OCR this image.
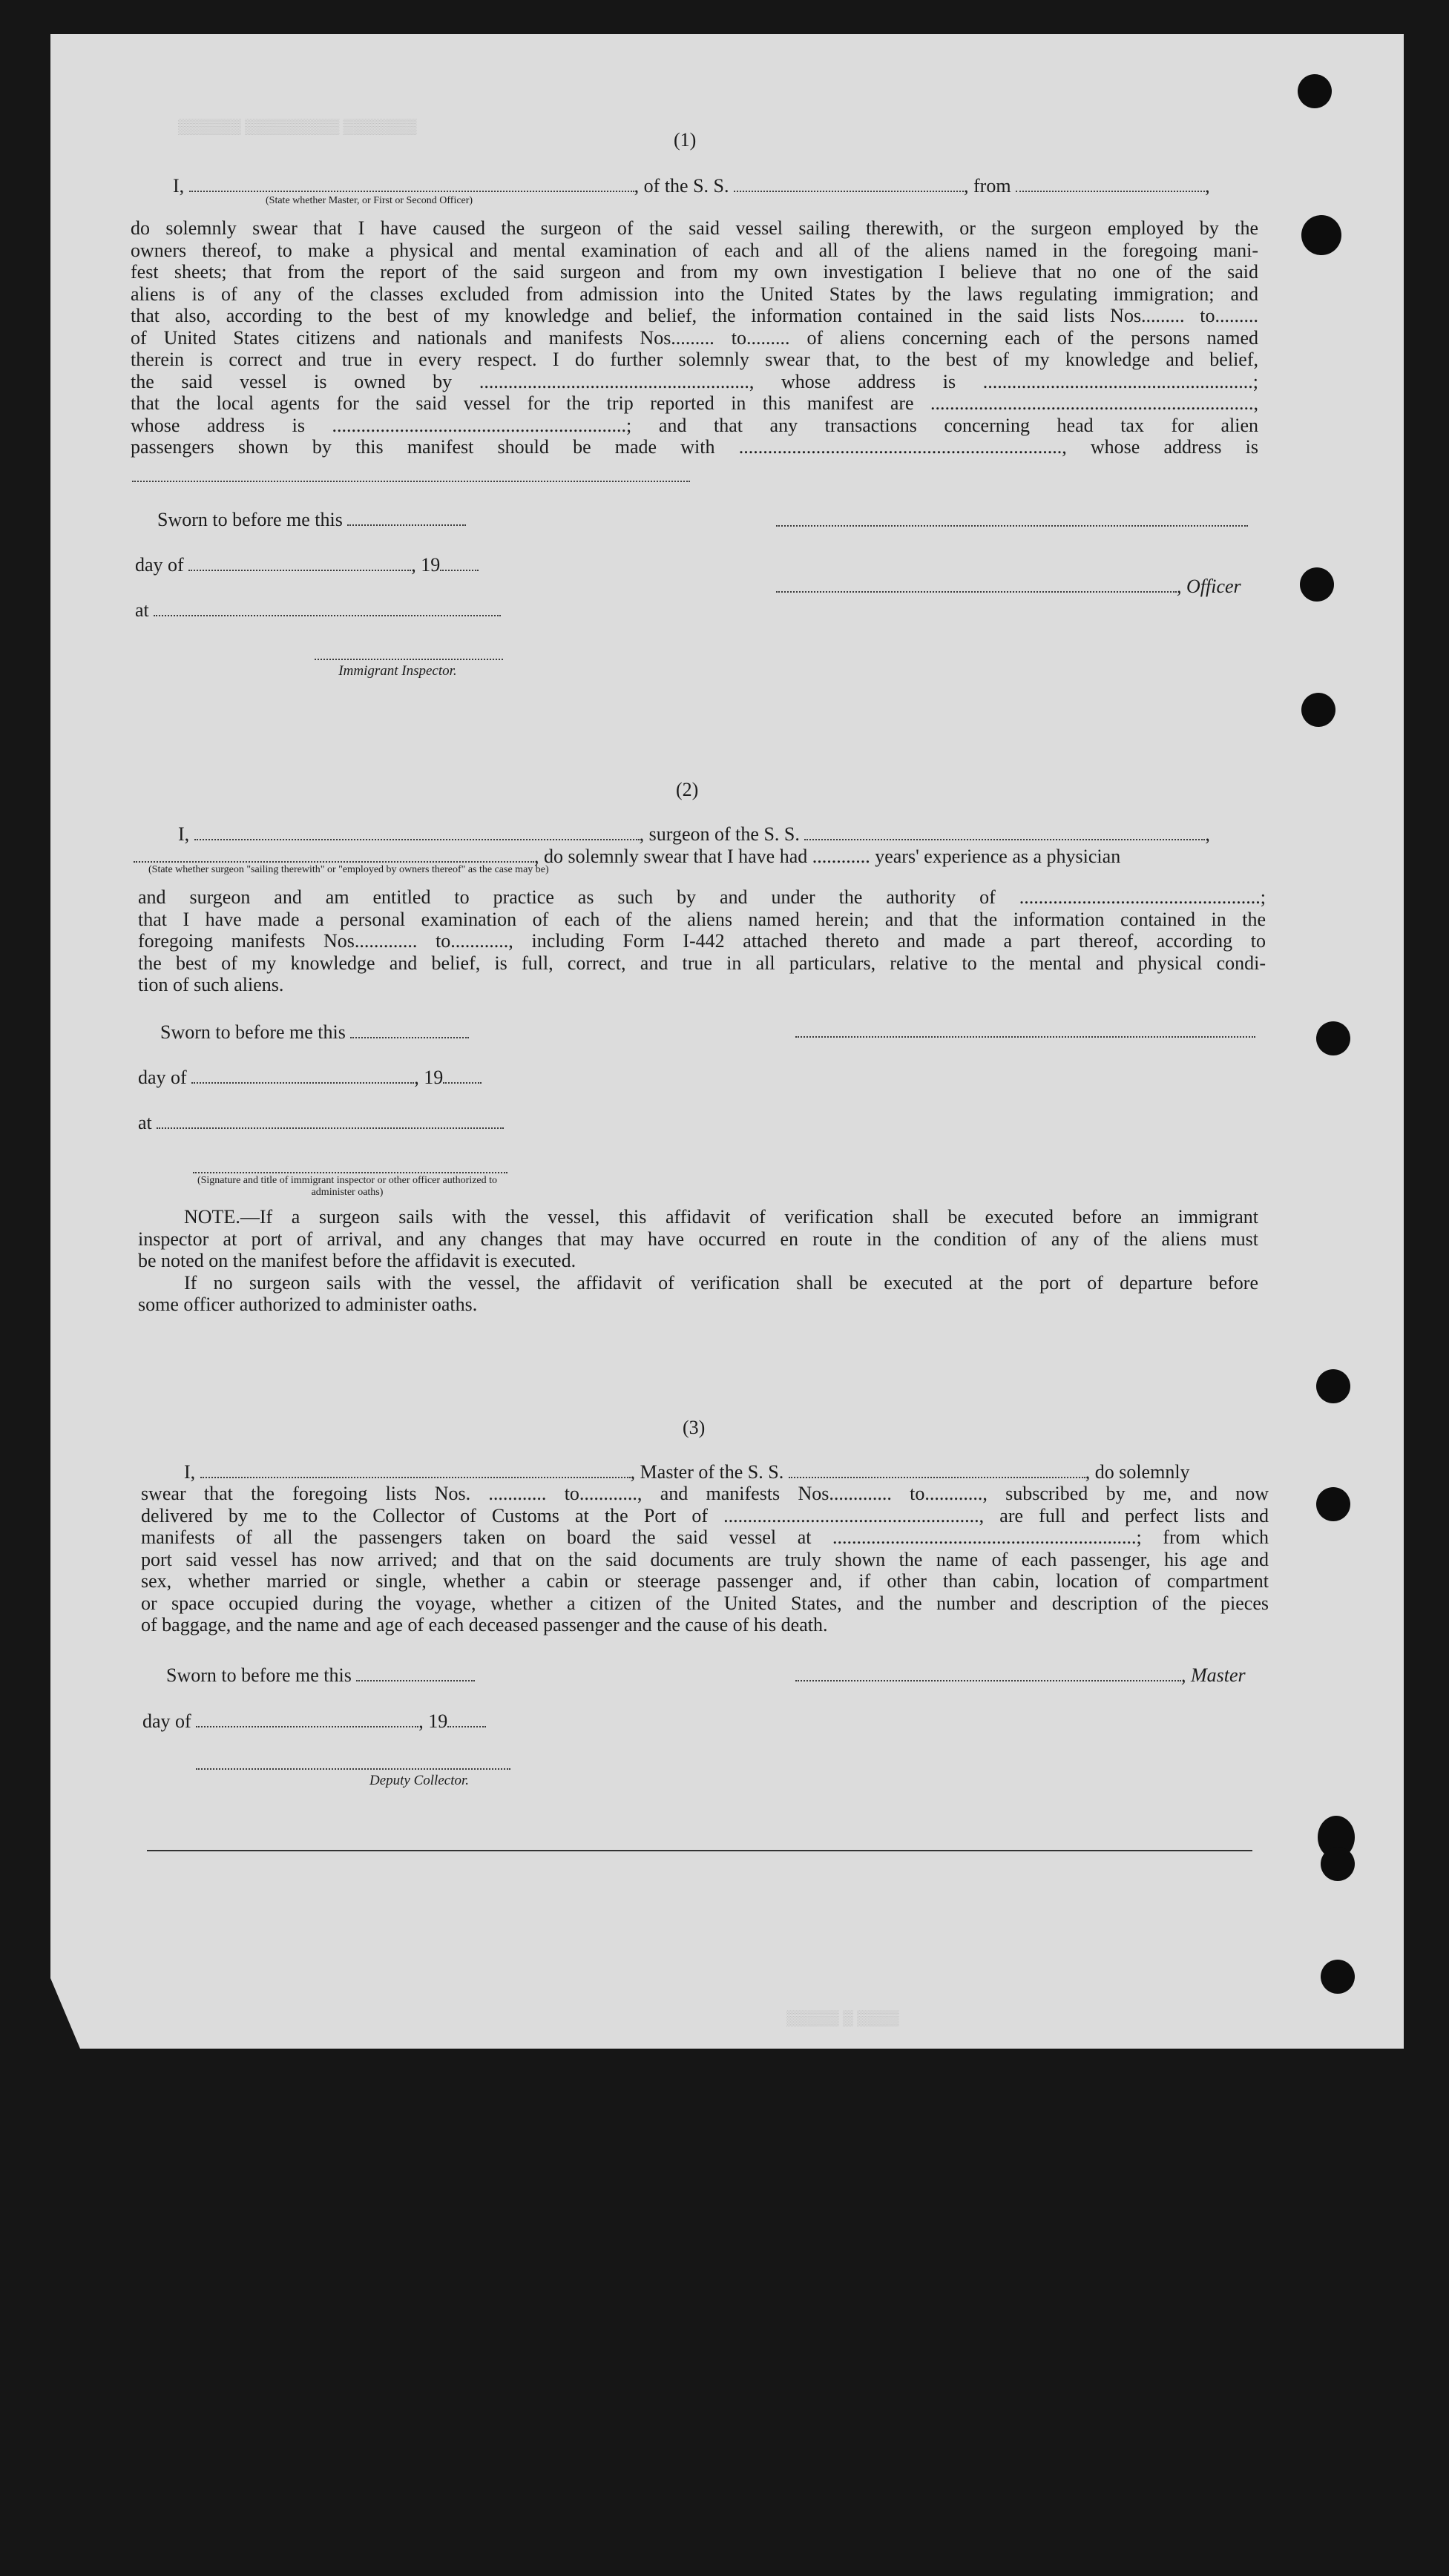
▒▒▒▒▒▒ ▒▒▒▒▒▒▒▒▒ ▒▒▒▒▒▒▒
▒▒▒▒▒ ▒ ▒▒▒▒
(1)
I,	, of the S. S.	, from	,
(State whether Master, or First or Second Officer)

do solemnly swear that I have caused the surgeon of the said vessel sailing therewith, or the surgeon employed by the

owners thereof, to make a physical and mental examination of each and all of the aliens named in the foregoing mani-

fest sheets; that from the report of the said surgeon and from my own investigation I believe that no one of the said

aliens is of any of the classes excluded from admission into the United States by the laws regulating immigration; and

that also, according to the best of my knowledge and belief, the information contained in the said lists Nos......... to.........

of United States citizens and nationals and manifests Nos......... to......... of aliens concerning each of the persons named

therein is correct and true in every respect. I do further solemnly swear that, to the best of my knowledge and belief,

the said vessel is owned by ........................................................, whose address is ........................................................;

that the local agents for the said vessel for the trip reported in this manifest are ...................................................................,

whose address is .............................................................; and that any transactions concerning head tax for alien

passengers shown by this manifest should be made with ..................................................................., whose address is

Sworn to before me this
day of	, 19
at
Immigrant Inspector.
, Officer
(2)
I,	, surgeon of the S. S.	,
, do solemnly swear that I have had ............ years' experience as a physician
(State whether surgeon "sailing therewith" or "employed by owners thereof" as the case may be)

and surgeon and am entitled to practice as such by and under the authority of ..................................................;

that I have made a personal examination of each of the aliens named herein; and that the information contained in the

foregoing manifests Nos............. to............, including Form I-442 attached thereto and made a part thereof, according to

the best of my knowledge and belief, is full, correct, and true in all particulars, relative to the mental and physical condi-

tion of such aliens.

Sworn to before me this
day of	, 19
at
(Signature and title of immigrant inspector or other officer authorized to administer oaths)

NOTE.—If a surgeon sails with the vessel, this affidavit of verification shall be executed before an immigrant

inspector at port of arrival, and any changes that may have occurred en route in the condition of any of the aliens must

be noted on the manifest before the affidavit is executed.

If no surgeon sails with the vessel, the affidavit of verification shall be executed at the port of departure before

some officer authorized to administer oaths.

(3)
I,	, Master of the S. S.	, do solemnly

swear that the foregoing lists Nos. ............ to............, and manifests Nos............. to............, subscribed by me, and now

delivered by me to the Collector of Customs at the Port of ....................................................., are full and perfect lists and

manifests of all the passengers taken on board the said vessel at ...............................................................; from which

port said vessel has now arrived; and that on the said documents are truly shown the name of each passenger, his age and

sex, whether married or single, whether a cabin or steerage passenger and, if other than cabin, location of compartment

or space occupied during the voyage, whether a citizen of the United States, and the number and description of the pieces

of baggage, and the name and age of each deceased passenger and the cause of his death.

Sworn to before me this
day of	, 19
Deputy Collector.
, Master
